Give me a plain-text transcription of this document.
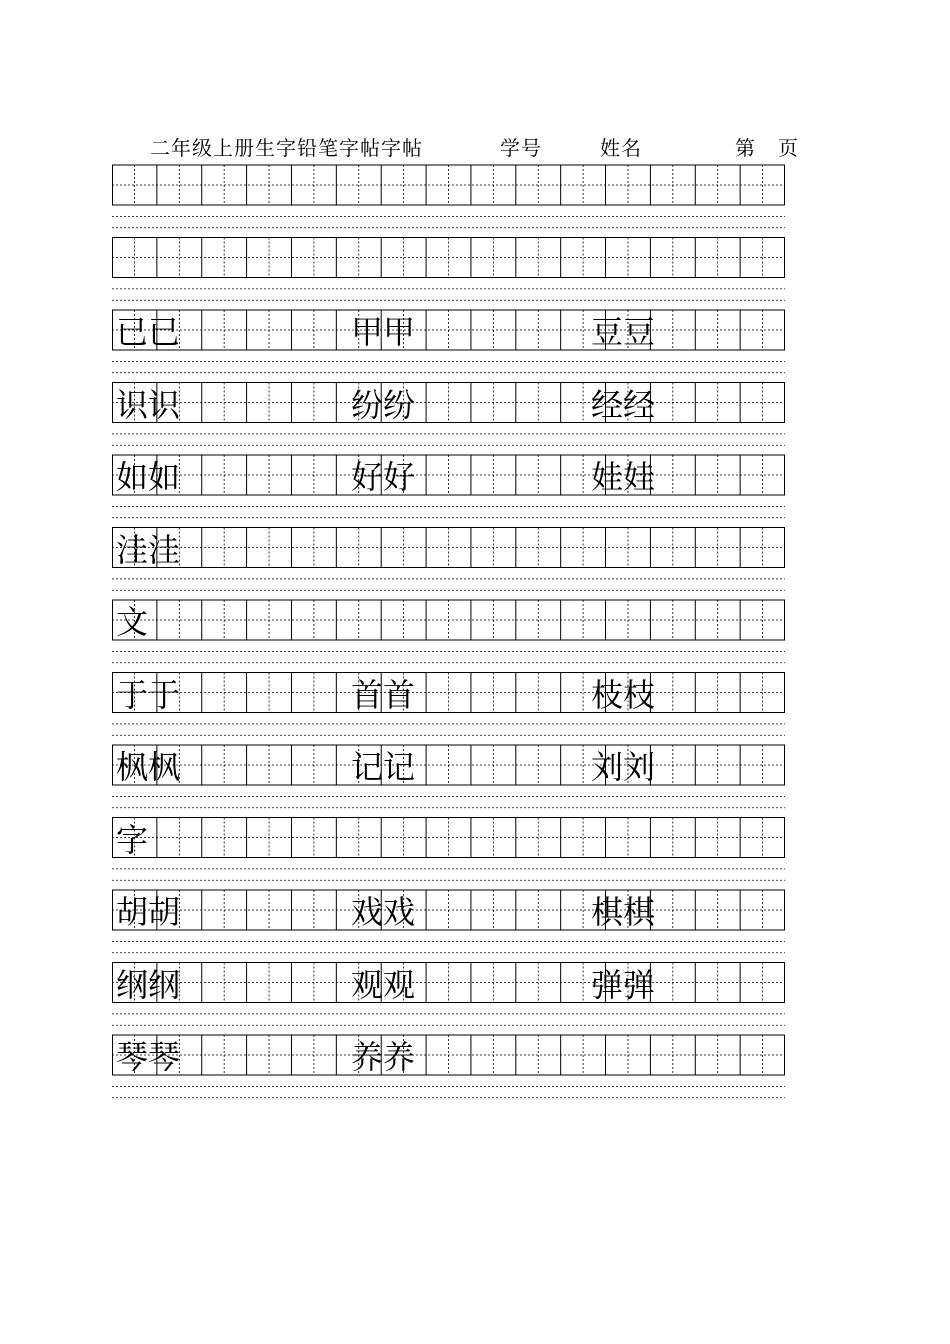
二年级上册生字铅笔字帖字帖	学号	姓名	第 页
已已	甲甲	豆豆
识识	纷纷	经经
如如	好好	娃娃
洼洼
文
于于	首首	枝枝
枫枫	记记	刘刘
字
胡胡	戏戏	棋棋
纲纲	观观	弹弹
琴琴	养养
